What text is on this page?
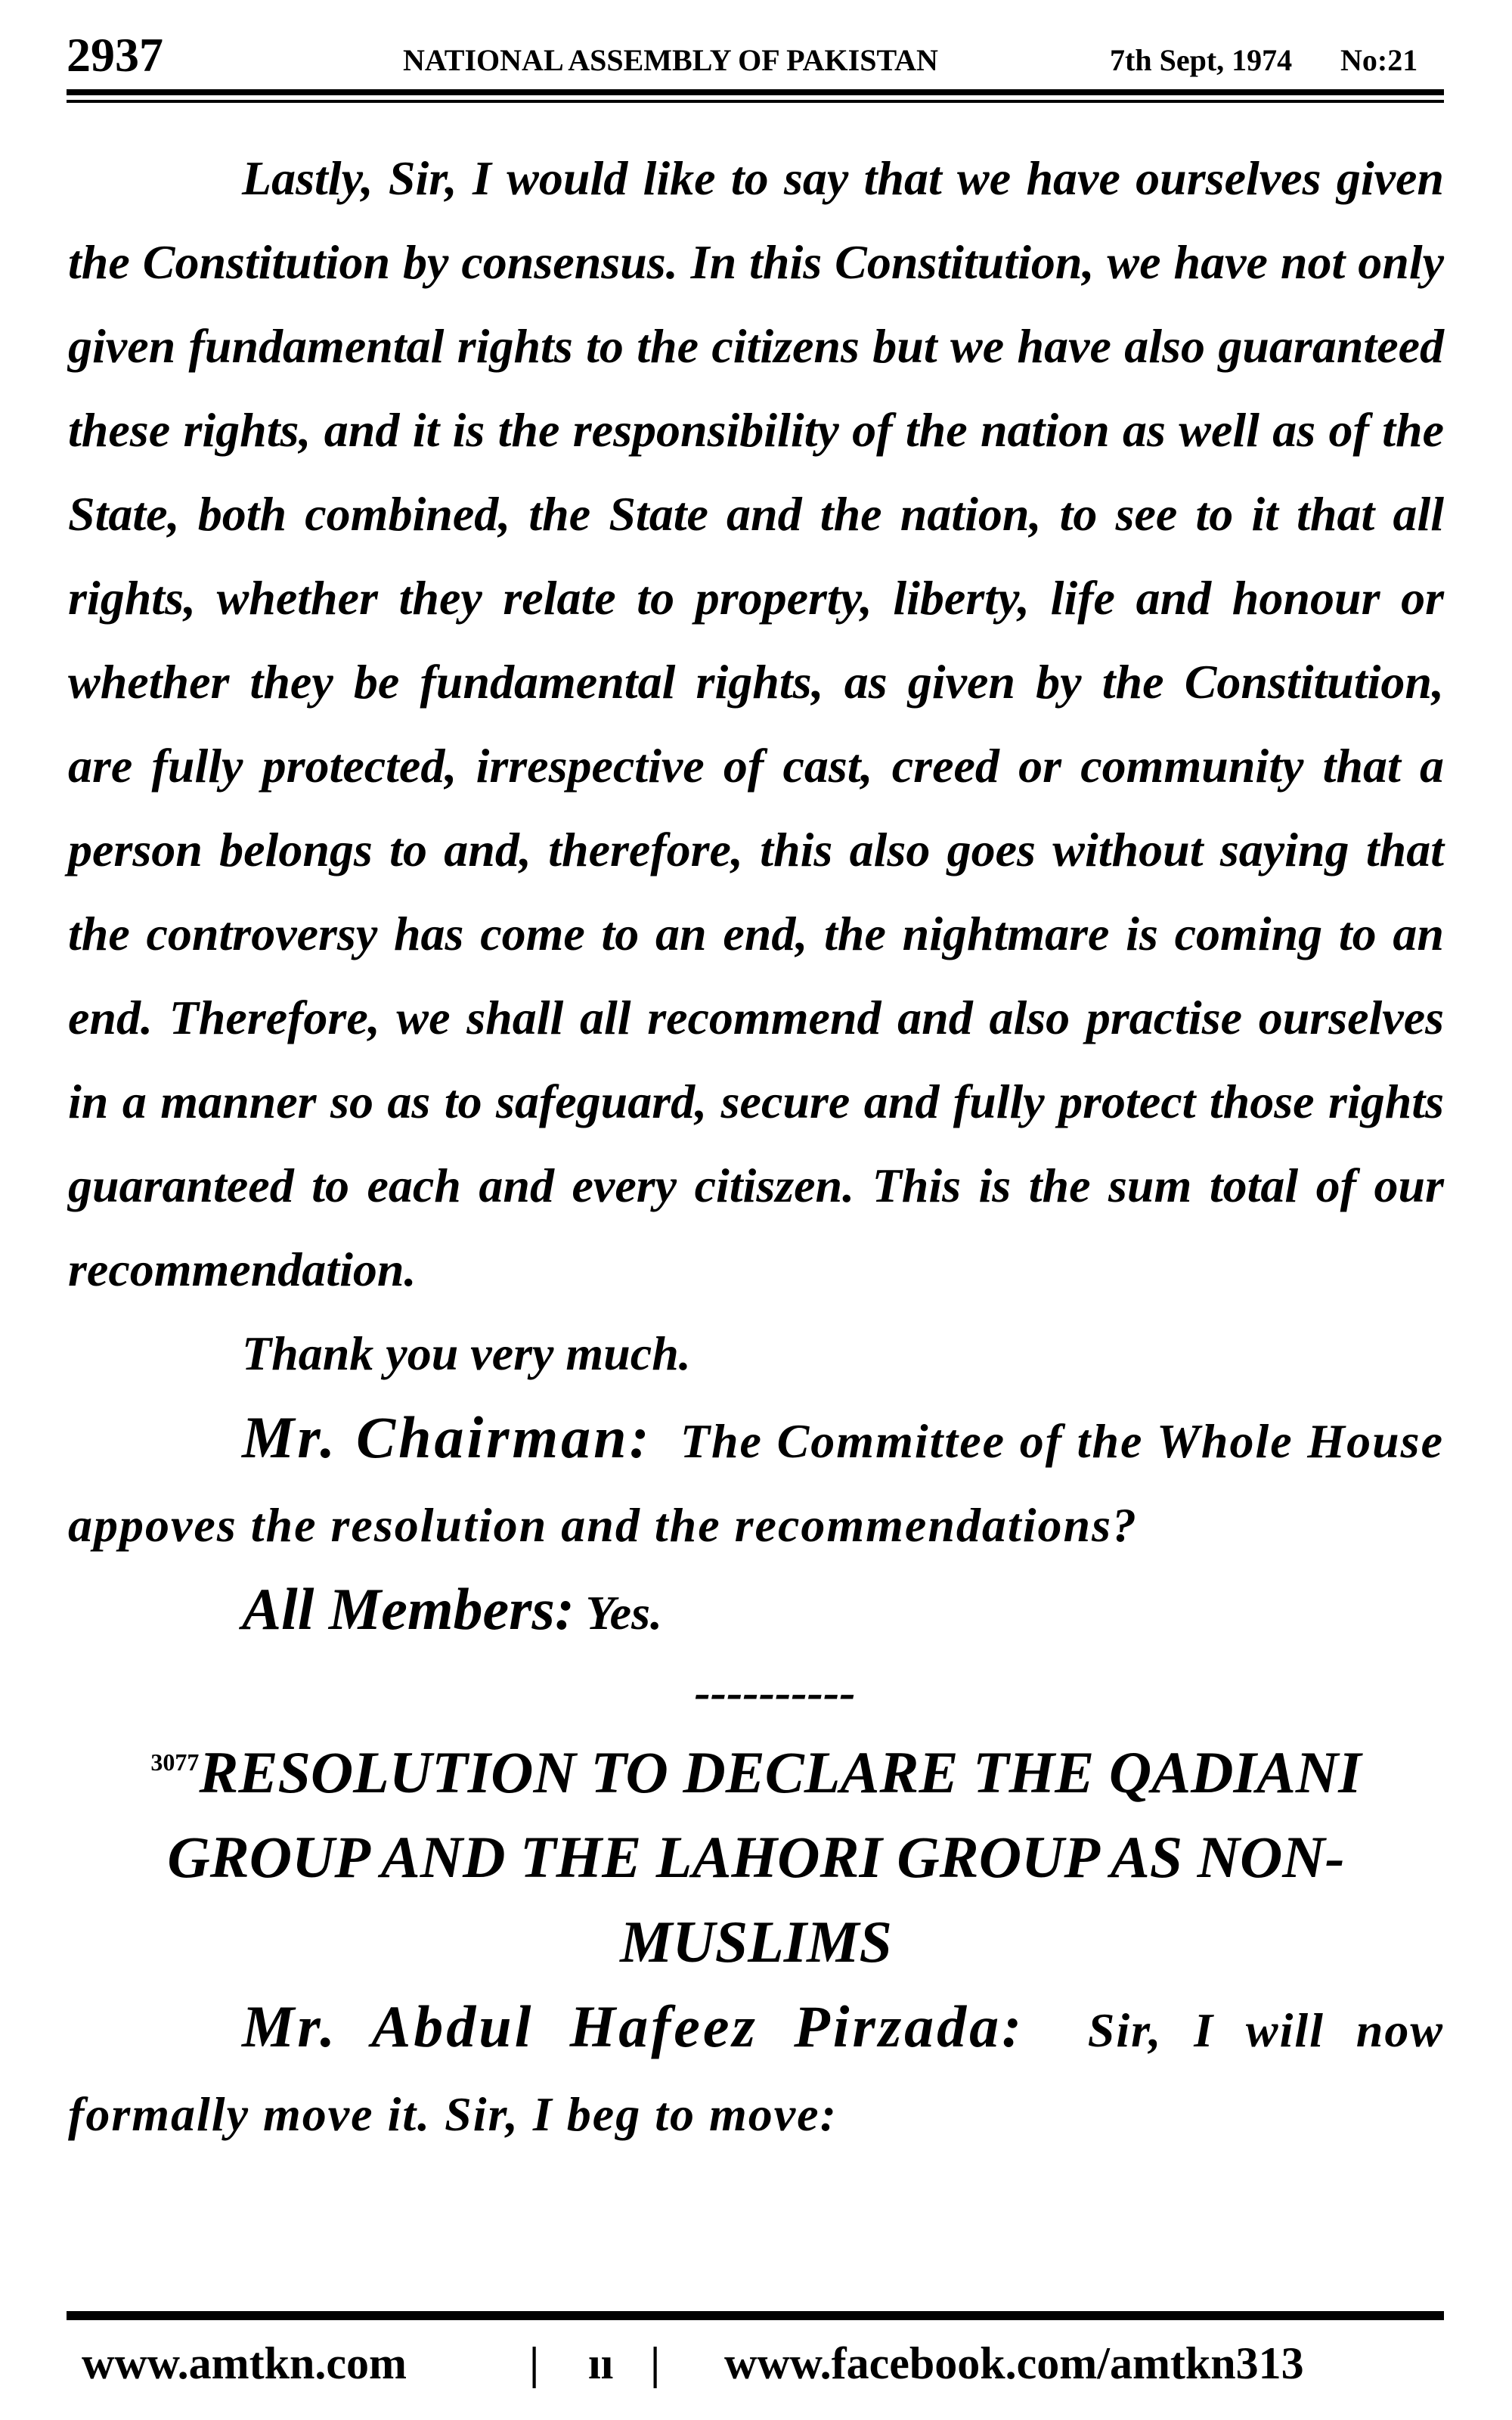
2937	NATIONAL ASSEMBLY OF PAKISTAN	7th Sept, 1974 No:21

Lastly, Sir, I would like to say that we have ourselves given the Constitution by consensus. In this Constitution, we have not only given fundamental rights to the citizens but we have also guaranteed these rights, and it is the responsibility of the nation as well as of the State, both combined, the State and the nation, to see to it that all rights, whether they relate to property, liberty, life and honour or whether they be fundamental rights, as given by the Constitution, are fully protected, irrespective of cast, creed or community that a person belongs to and, therefore, this also goes without saying that the controversy has come to an end, the nightmare is coming to an end. Therefore, we shall all recommend and also practise ourselves in a manner so as to safeguard, secure and fully protect those rights guaranteed to each and every citiszen. This is the sum total of our recommendation.

Thank you very much.

Mr. Chairman: The Committee of the Whole House appoves the resolution and the recommendations?

All Members: Yes.

----------

$^{3077}$RESOLUTION TO DECLARE THE QADIANI GROUP AND THE LAHORI GROUP AS NON-MUSLIMS

Mr. Abdul Hafeez Pirzada: Sir, I will now formally move it. Sir, I beg to move:

www.amtkn.com	| ıı | www.facebook.com/amtkn313
